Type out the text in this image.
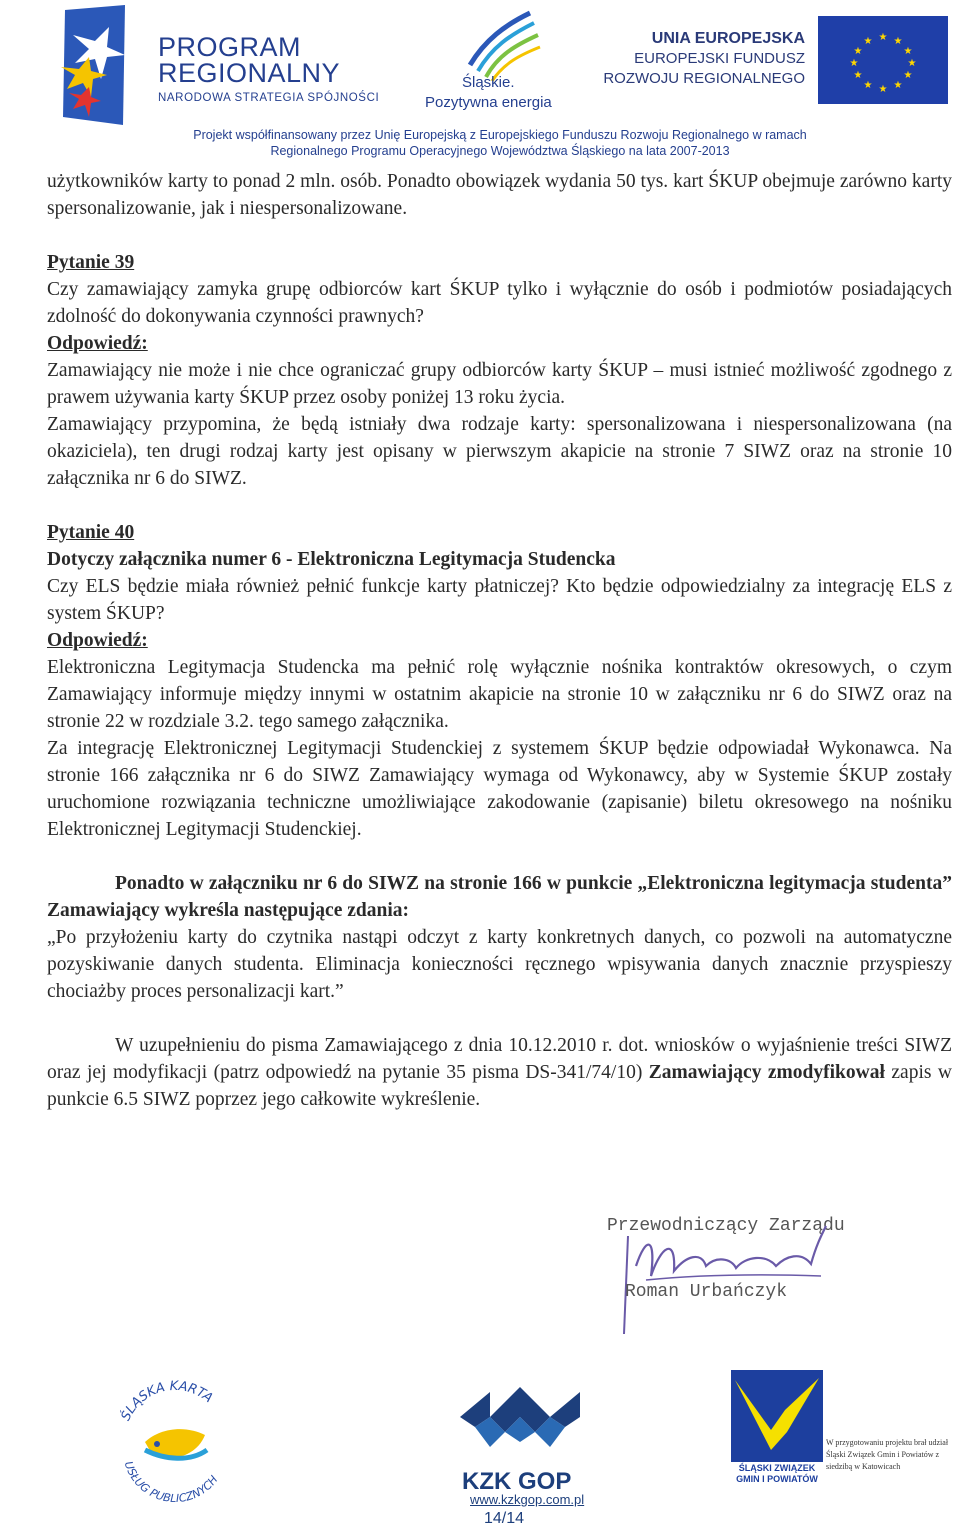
PROGRAM
REGIONALNY
NARODOWA STRATEGIA SPÓJNOŚCI
Śląskie.
Pozytywna energia
UNIA EUROPEJSKA
EUROPEJSKI FUNDUSZ
ROZWOJU REGIONALNEGO
★ ★
★
★
★
★
★
★
★
★
★
★
Projekt współfinansowany przez Unię Europejską z Europejskiego Funduszu Rozwoju Regionalnego w ramach
Regionalnego Programu Operacyjnego Województwa Śląskiego na lata 2007-2013

użytkowników karty to ponad 2 mln. osób. Ponadto obowiązek wydania 50 tys. kart ŚKUP obejmuje zarówno karty spersonalizowanie, jak i niespersonalizowane.

Pytanie 39

Czy zamawiający zamyka grupę odbiorców kart ŚKUP tylko i wyłącznie do osób i podmiotów posiadających zdolność do dokonywania czynności prawnych?

Odpowiedź:

Zamawiający nie może i nie chce ograniczać grupy odbiorców karty ŚKUP – musi istnieć możliwość zgodnego z prawem używania karty ŚKUP przez osoby poniżej 13 roku życia.

Zamawiający przypomina, że będą istniały dwa rodzaje karty: spersonalizowana i niespersonalizowana (na okaziciela), ten drugi rodzaj karty jest opisany w pierwszym akapicie na stronie 7 SIWZ oraz na stronie 10 załącznika nr 6 do SIWZ.

Pytanie 40

Dotyczy załącznika numer 6 - Elektroniczna Legitymacja Studencka

Czy ELS będzie miała również pełnić funkcje karty płatniczej? Kto będzie odpowiedzialny za integrację ELS z system ŚKUP?

Odpowiedź:

Elektroniczna Legitymacja Studencka ma pełnić rolę wyłącznie nośnika kontraktów okresowych, o czym Zamawiający informuje między innymi w ostatnim akapicie na stronie 10 w załączniku nr 6 do SIWZ oraz na stronie 22 w rozdziale 3.2. tego samego załącznika.

Za integrację Elektronicznej Legitymacji Studenckiej z systemem ŚKUP będzie odpowiadał Wykonawca. Na stronie 166 załącznika nr 6 do SIWZ Zamawiający wymaga od Wykonawcy, aby w Systemie ŚKUP zostały uruchomione rozwiązania techniczne umożliwiające zakodowanie (zapisanie) biletu okresowego na nośniku Elektronicznej Legitymacji Studenckiej.

Ponadto w załączniku nr 6 do SIWZ na stronie 166 w punkcie „Elektroniczna legitymacja studenta” Zamawiający wykreśla następujące zdania:

„Po przyłożeniu karty do czytnika nastąpi odczyt z karty konkretnych danych, co pozwoli na automatyczne pozyskiwanie danych studenta. Eliminacja konieczności ręcznego wpisywania danych znacznie przyspieszy chociażby proces personalizacji kart.”

W uzupełnieniu do pisma Zamawiającego z dnia 10.12.2010 r. dot. wniosków o wyjaśnienie treści SIWZ oraz jej modyfikacji (patrz odpowiedź na pytanie 35 pisma DS-341/74/10) Zamawiający zmodyfikował zapis w punkcie 6.5 SIWZ poprzez jego całkowite wykreślenie.

Przewodniczący Zarządu
Roman Urbańczyk
ŚLĄSKA KARTA
USŁUG PUBLICZNYCH	KZK GOP
www.kzkgop.com.pl
14/14
ŚLĄSKI ZWIĄZEK
GMIN I POWIATÓW
W przygotowaniu projektu brał udział Śląski Związek Gmin i Powiatów z siedzibą w Katowicach
